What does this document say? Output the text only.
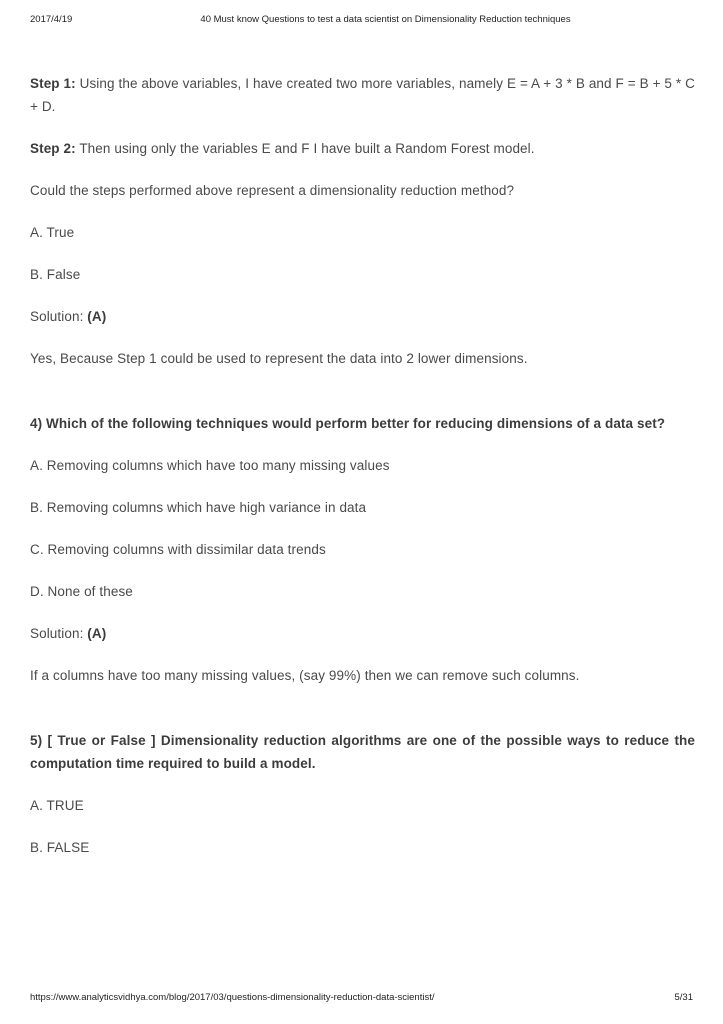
2017/4/19	40 Must know Questions to test a data scientist on Dimensionality Reduction techniques

Step 1: Using the above variables, I have created two more variables, namely E = A + 3 * B and F = B + 5 * C + D.

Step 2: Then using only the variables E and F I have built a Random Forest model.

Could the steps performed above represent a dimensionality reduction method?

A. True

B. False

Solution: (A)

Yes, Because Step 1 could be used to represent the data into 2 lower dimensions.

4) Which of the following techniques would perform better for reducing dimensions of a data set?

A. Removing columns which have too many missing values

B. Removing columns which have high variance in data

C. Removing columns with dissimilar data trends

D. None of these

Solution: (A)

If a columns have too many missing values, (say 99%) then we can remove such columns.

5) [ True or False ] Dimensionality reduction algorithms are one of the possible ways to reduce the computation time required to build a model.

A. TRUE

B. FALSE

https://www.analyticsvidhya.com/blog/2017/03/questions-dimensionality-reduction-data-scientist/	5/31
